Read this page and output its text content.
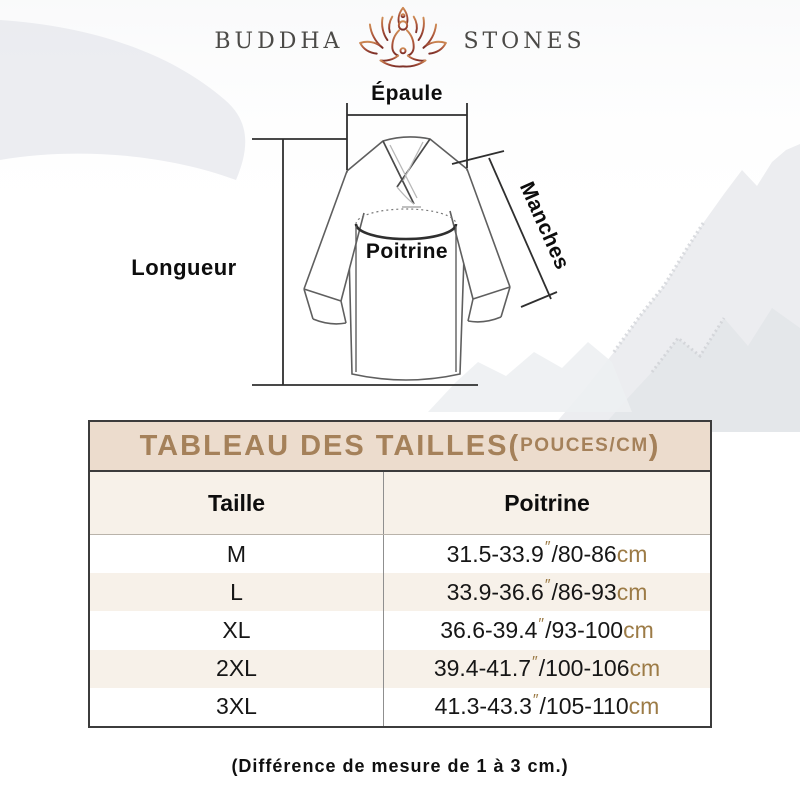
BUDDHA	STONES
Épaule
Longueur
Poitrine	Manches
TABLEAU DES TAILLES ( POUCES/CM )
Taille	Poitrine
M	31.5-33.9 ″ /80-86 cm
L	33.9-36.6 ″ /86-93 cm
XL	36.6-39.4 ″ /93-100 cm
2XL	39.4-41.7 ″ /100-106 cm
3XL	41.3-43.3 ″ /105-110 cm
(Différence de mesure de 1 à 3 cm.)
